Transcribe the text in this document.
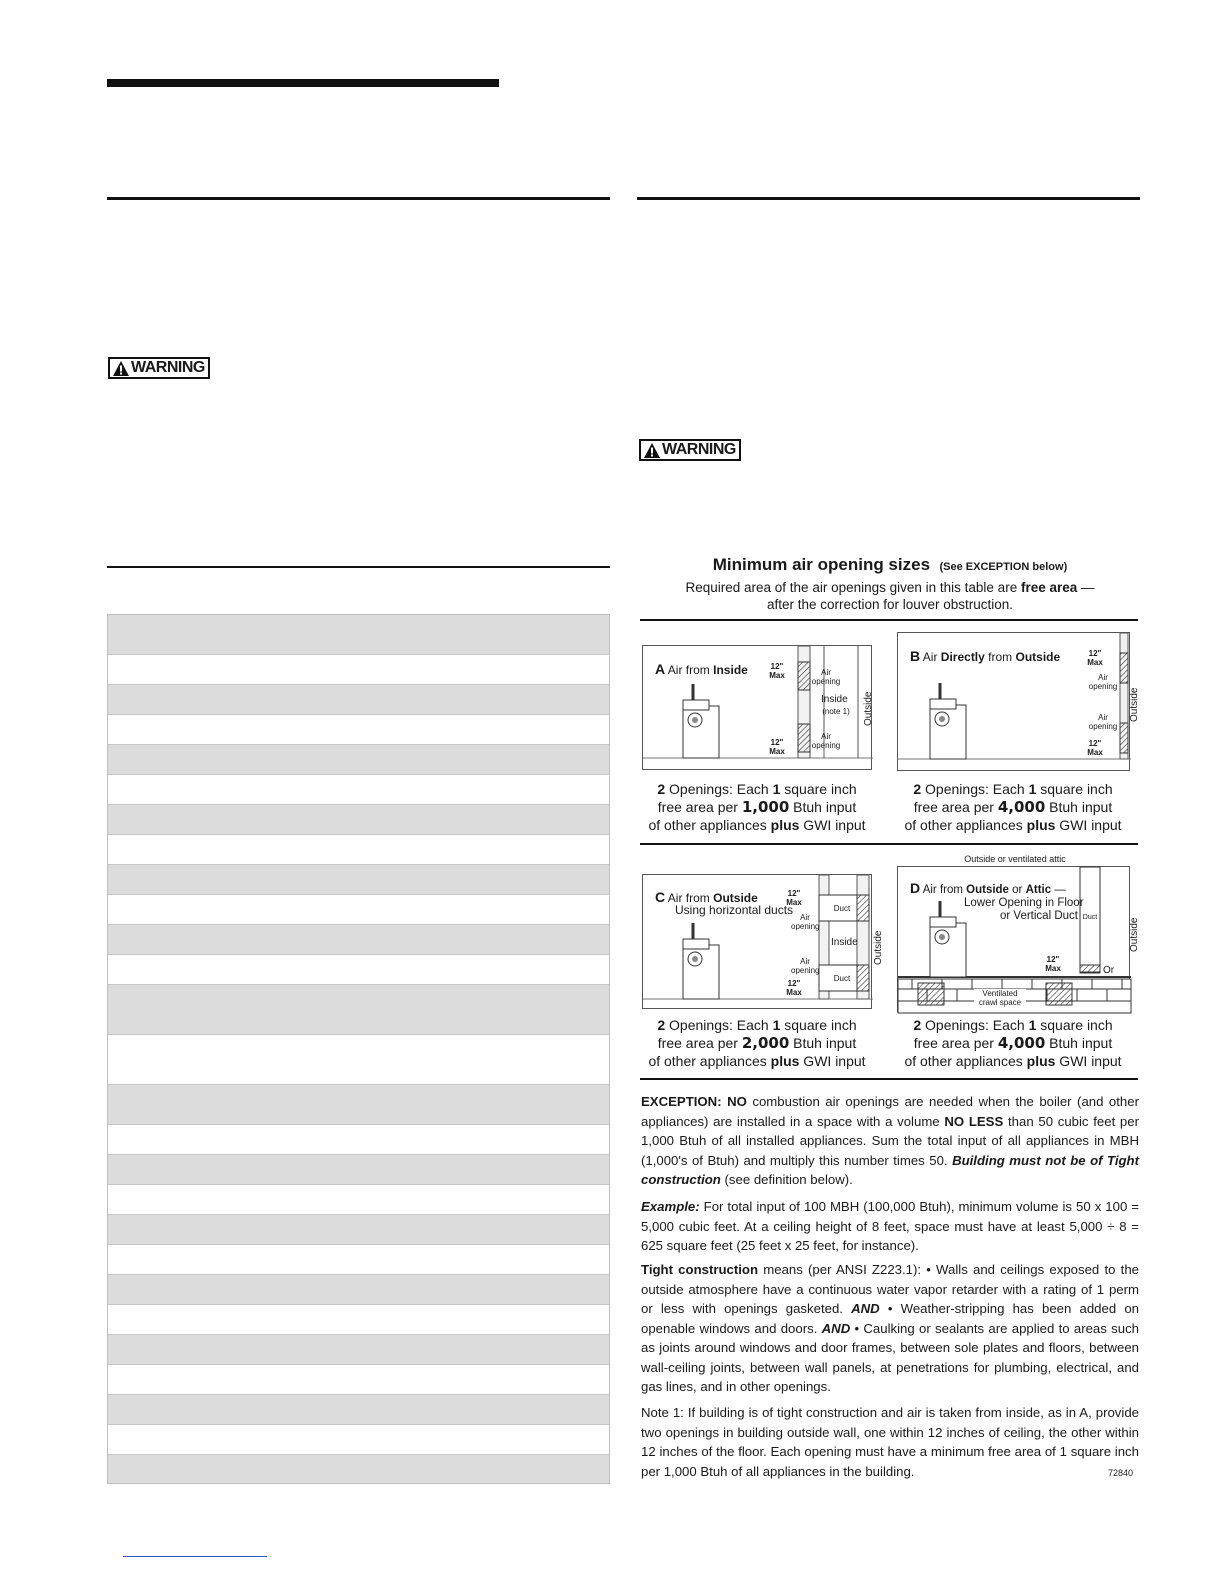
WARNING
WARNING
Minimum air opening sizes (See EXCEPTION below)
Required area of the air openings given in this table are free area —
after the correction for louver obstruction.
A Air from Inside	12" Max
12" Max
Air opening
Air opening
Inside
(note 1) Outside
2 Openings: Each 1 square inch
free area per 1,000 Btuh input
of other appliances plus GWI input
B Air Directly from Outside	12" Max
12" Max
Air opening
Air opening
Outside
2 Openings: Each 1 square inch
free area per 4,000 Btuh input
of other appliances plus GWI input
C Air from Outside
Using horizontal ducts
12" Max
12" Max
Air opening
Air opening
Duct
Duct
Inside Outside
2 Openings: Each 1 square inch
free area per 2,000 Btuh input
of other appliances plus GWI input
Outside or ventilated attic
D Air from Outside or Attic —
Lower Opening in Floor
or Vertical Duct Duct
12" Max	Or
Ventilated crawl space
Outside
2 Openings: Each 1 square inch
free area per 4,000 Btuh input
of other appliances plus GWI input
EXCEPTION: NO combustion air openings are needed when the boiler (and other appliances) are installed in a space with a volume NO LESS than 50 cubic feet per 1,000 Btuh of all installed appliances. Sum the total input of all appliances in MBH (1,000's of Btuh) and multiply this number times 50. Building must not be of Tight construction (see definition below).
Example: For total input of 100 MBH (100,000 Btuh), minimum volume is 50 x 100 = 5,000 cubic feet. At a ceiling height of 8 feet, space must have at least 5,000 ÷ 8 = 625 square feet (25 feet x 25 feet, for instance).
Tight construction means (per ANSI Z223.1): • Walls and ceilings exposed to the outside atmosphere have a continuous water vapor retarder with a rating of 1 perm or less with openings gasketed. AND • Weather-stripping has been added on openable windows and doors. AND • Caulking or sealants are applied to areas such as joints around windows and door frames, between sole plates and floors, between wall-ceiling joints, between wall panels, at penetrations for plumbing, electrical, and gas lines, and in other openings.
Note 1: If building is of tight construction and air is taken from inside, as in A, provide two openings in building outside wall, one within 12 inches of ceiling, the other within 12 inches of the floor. Each opening must have a minimum free area of 1 square inch per 1,000 Btuh of all appliances in the building.	72840
